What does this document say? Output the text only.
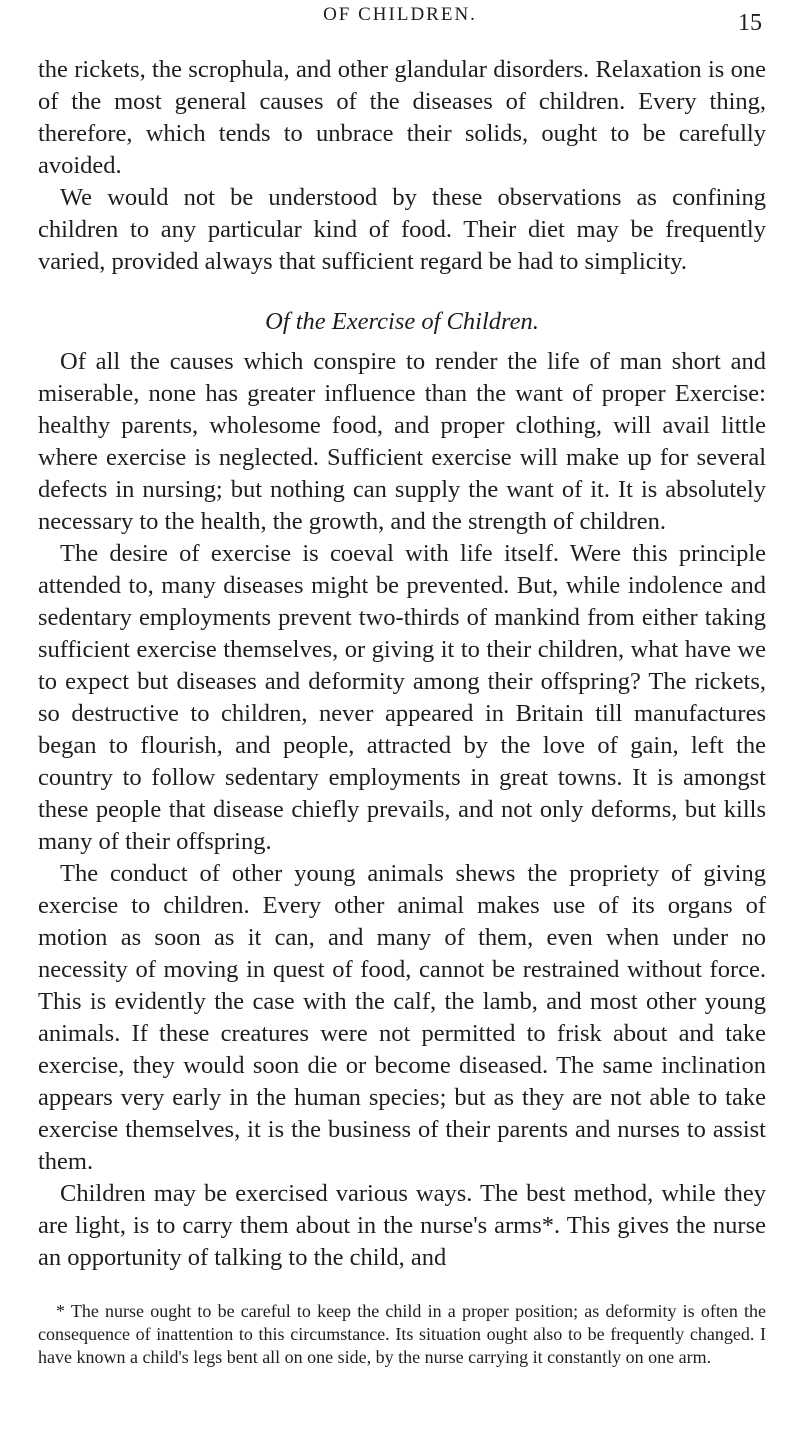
OF CHILDREN.	15

the rickets, the scrophula, and other glandular disorders. Relaxation is one of the most general causes of the diseases of children. Every thing, therefore, which tends to unbrace their solids, ought to be carefully avoided.

We would not be understood by these observations as confining children to any particular kind of food. Their diet may be frequently varied, provided always that sufficient regard be had to simplicity.

Of the Exercise of Children.

Of all the causes which conspire to render the life of man short and miserable, none has greater influence than the want of proper Exercise: healthy parents, wholesome food, and proper clothing, will avail little where exercise is neglected. Sufficient exercise will make up for several defects in nursing; but nothing can supply the want of it. It is absolutely necessary to the health, the growth, and the strength of children.

The desire of exercise is coeval with life itself. Were this principle attended to, many diseases might be prevented. But, while indolence and sedentary employments prevent two-thirds of mankind from either taking sufficient exercise themselves, or giving it to their children, what have we to expect but diseases and deformity among their offspring? The rickets, so destructive to children, never appeared in Britain till manufactures began to flourish, and people, attracted by the love of gain, left the country to follow sedentary employments in great towns. It is amongst these people that disease chiefly prevails, and not only deforms, but kills many of their offspring.

The conduct of other young animals shews the propriety of giving exercise to children. Every other animal makes use of its organs of motion as soon as it can, and many of them, even when under no necessity of moving in quest of food, cannot be restrained without force. This is evidently the case with the calf, the lamb, and most other young animals. If these creatures were not permitted to frisk about and take exercise, they would soon die or become diseased. The same inclination appears very early in the human species; but as they are not able to take exercise themselves, it is the business of their parents and nurses to assist them.

Children may be exercised various ways. The best method, while they are light, is to carry them about in the nurse's arms*. This gives the nurse an opportunity of talking to the child, and

* The nurse ought to be careful to keep the child in a proper position; as deformity is often the consequence of inattention to this circumstance. Its situation ought also to be frequently changed. I have known a child's legs bent all on one side, by the nurse carrying it constantly on one arm.
